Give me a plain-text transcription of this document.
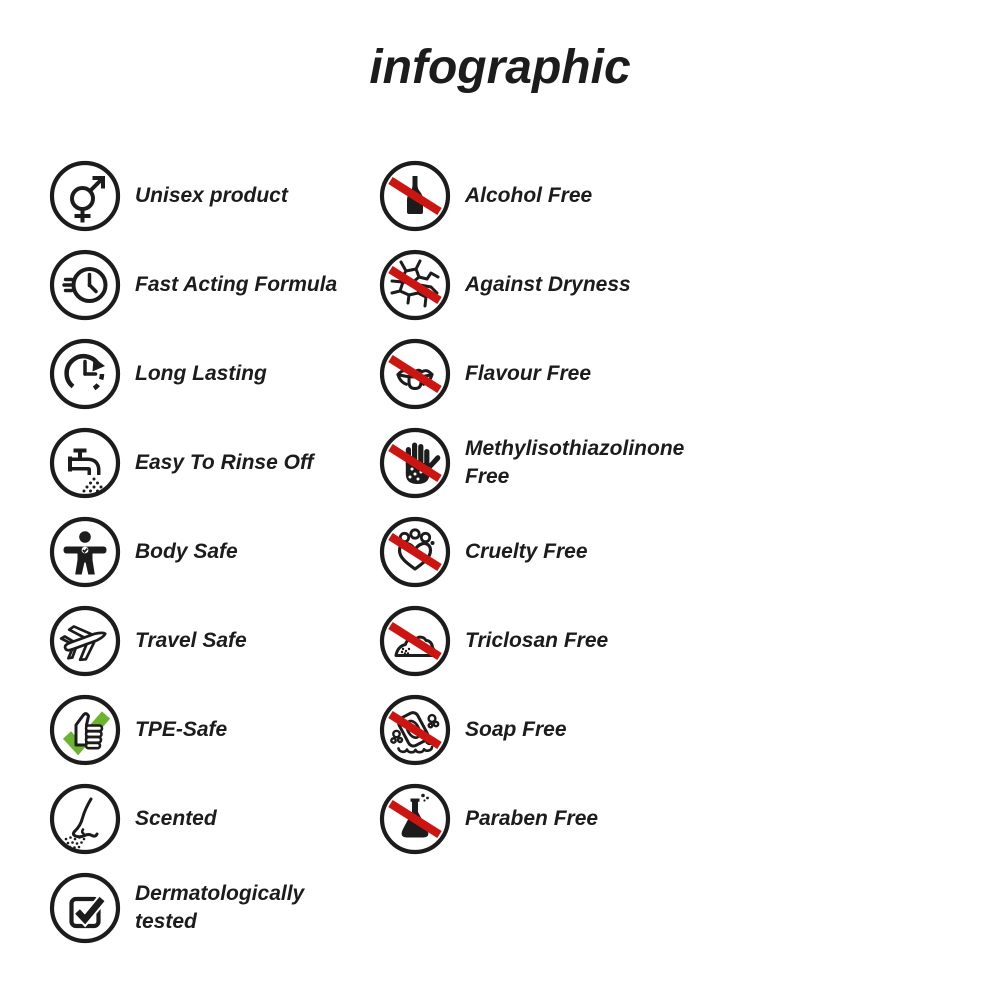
infographic
Unisex product
Fast Acting Formula
Long Lasting
Easy To Rinse Off
Body Safe
Travel Safe
TPE-Safe
Scented
Dermatologically tested
Alcohol Free
Against Dryness
Flavour Free
Methylisothiazolinone Free
Cruelty Free
Triclosan Free
Soap Free
Paraben Free
